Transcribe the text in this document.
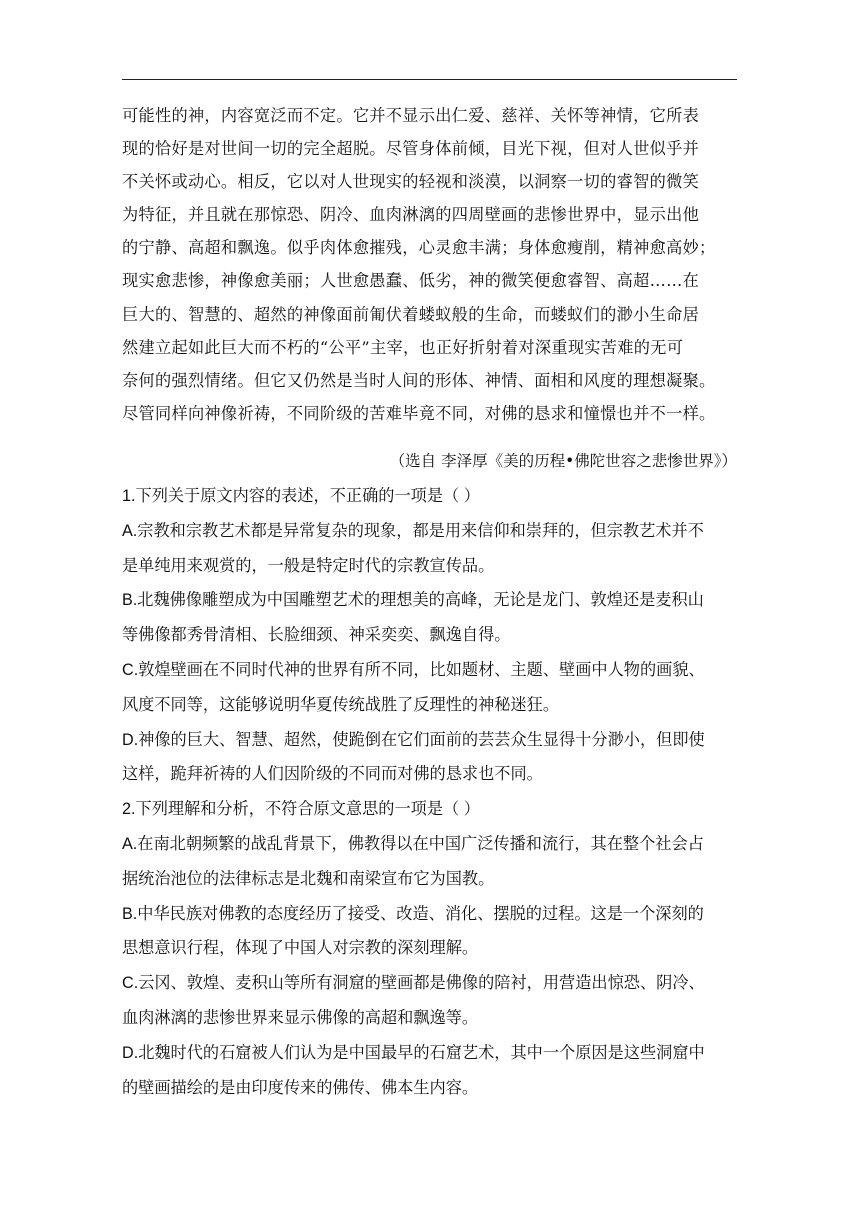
可能性的神，内容宽泛而不定。它并不显示出仁爱、慈祥、关怀等神情，它所表
现的恰好是对世间一切的完全超脱。尽管身体前倾，目光下视，但对人世似乎并
不关怀或动心。相反，它以对人世现实的轻视和淡漠，以洞察一切的睿智的微笑
为特征，并且就在那惊恐、阴冷、血肉淋漓的四周壁画的悲惨世界中，显示出他
的宁静、高超和飘逸。似乎肉体愈摧残，心灵愈丰满；身体愈瘦削，精神愈高妙；
现实愈悲惨，神像愈美丽；人世愈愚蠢、低劣，神的微笑便愈睿智、高超……在
巨大的、智慧的、超然的神像面前匍伏着蝼蚁般的生命，而蝼蚁们的渺小生命居
然建立起如此巨大而不朽的“公平”主宰，也正好折射着对深重现实苦难的无可
奈何的强烈情绪。但它又仍然是当时人间的形体、神情、面相和风度的理想凝聚。
尽管同样向神像祈祷，不同阶级的苦难毕竟不同，对佛的恳求和憧憬也并不一样。
（选自 李泽厚《美的历程•佛陀世容之悲惨世界》）
1.下列关于原文内容的表述，不正确的一项是（ ）
A.宗教和宗教艺术都是异常复杂的现象，都是用来信仰和崇拜的，但宗教艺术并不
是单纯用来观赏的，一般是特定时代的宗教宣传品。
B.北魏佛像雕塑成为中国雕塑艺术的理想美的高峰，无论是龙门、敦煌还是麦积山
等佛像都秀骨清相、长脸细颈、神采奕奕、飘逸自得。
C.敦煌壁画在不同时代神的世界有所不同，比如题材、主题、壁画中人物的画貌、
风度不同等，这能够说明华夏传统战胜了反理性的神秘迷狂。
D.神像的巨大、智慧、超然，使跪倒在它们面前的芸芸众生显得十分渺小，但即使
这样，跪拜祈祷的人们因阶级的不同而对佛的恳求也不同。
2.下列理解和分析，不符合原文意思的一项是（ ）
A.在南北朝频繁的战乱背景下，佛教得以在中国广泛传播和流行，其在整个社会占
据统治池位的法律标志是北魏和南梁宣布它为国教。
B.中华民族对佛教的态度经历了接受、改造、消化、摆脱的过程。这是一个深刻的
思想意识行程，体现了中国人对宗教的深刻理解。
C.云冈、敦煌、麦积山等所有洞窟的壁画都是佛像的陪衬，用营造出惊恐、阴冷、
血肉淋漓的悲惨世界来显示佛像的高超和飘逸等。
D.北魏时代的石窟被人们认为是中国最早的石窟艺术，其中一个原因是这些洞窟中
的壁画描绘的是由印度传来的佛传、佛本生内容。
